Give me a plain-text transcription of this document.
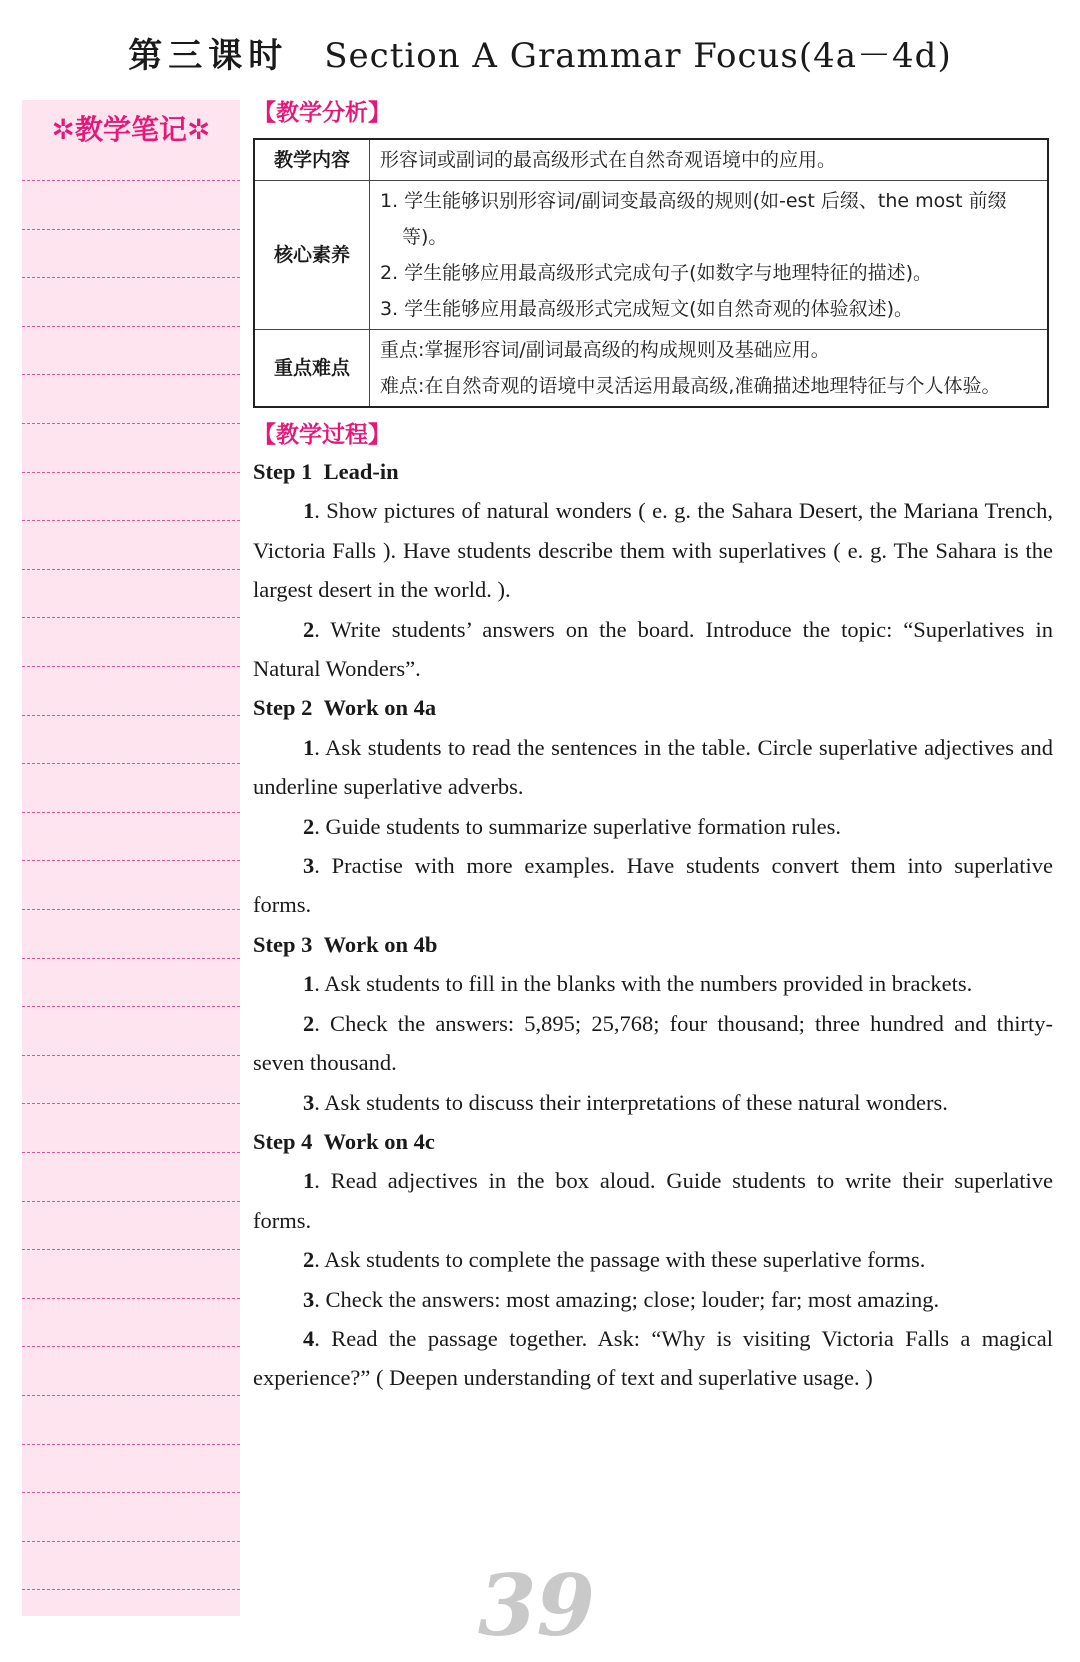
第三课时 Section A Grammar Focus(4a－4d)
✲教学笔记✲	【教学分析】
教学内容	形容词或副词的最高级形式在自然奇观语境中的应用。

核心素养	1. 学生能够识别形容词/副词变最高级的规则(如-est 后缀、the most 前缀等)。
2. 学生能够应用最高级形式完成句子(如数字与地理特征的描述)。
3. 学生能够应用最高级形式完成短文(如自然奇观的体验叙述)。

重点难点	重点:掌握形容词/副词最高级的构成规则及基础应用。
难点:在自然奇观的语境中灵活运用最高级,准确描述地理特征与个人体验。
【教学过程】
Step 1 Lead-in
1. Show pictures of natural wonders ( e. g. the Sahara Desert, the Mariana Trench, Victoria Falls ). Have students describe them with superlatives ( e. g. The Sahara is the largest desert in the world. ).
2. Write students’ answers on the board. Introduce the topic: “Superlatives in Natural Wonders”.
Step 2 Work on 4a
1. Ask students to read the sentences in the table. Circle superlative adjectives and underline superlative adverbs.
2. Guide students to summarize superlative formation rules.
3. Practise with more examples. Have students convert them into superlative forms.
Step 3 Work on 4b
1. Ask students to fill in the blanks with the numbers provided in brackets.
2. Check the answers: 5,895; 25,768; four thousand; three hundred and thirty-seven thousand.
3. Ask students to discuss their interpretations of these natural wonders.
Step 4 Work on 4c
1. Read adjectives in the box aloud. Guide students to write their superlative forms.
2. Ask students to complete the passage with these superlative forms.
3. Check the answers: most amazing; close; louder; far; most amazing.
4. Read the passage together. Ask: “Why is visiting Victoria Falls a magical experience?” ( Deepen understanding of text and superlative usage. )
39
